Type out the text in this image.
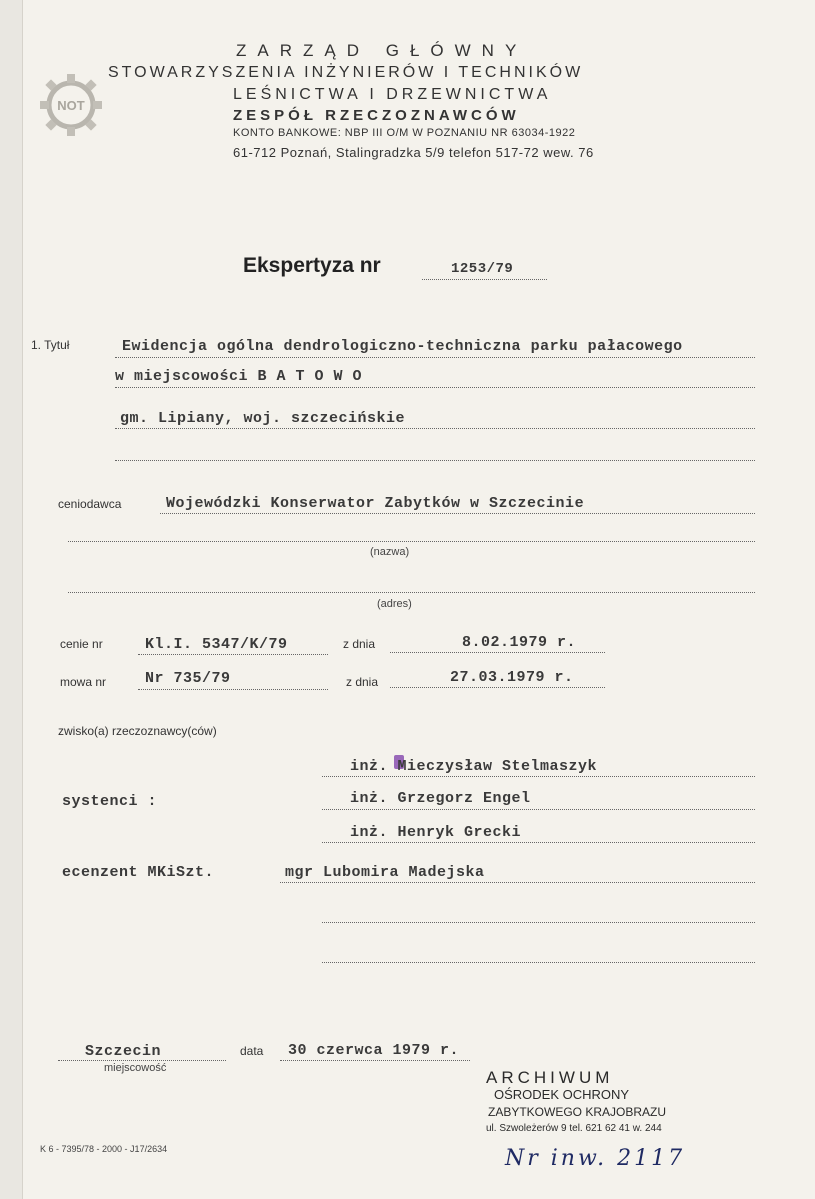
NOT
ZARZĄD GŁÓWNY
STOWARZYSZENIA INŻYNIERÓW I TECHNIKÓW
LEŚNICTWA I DRZEWNICTWA
ZESPÓŁ RZECZOZNAWCÓW
KONTO BANKOWE: NBP III O/M W POZNANIU NR 63034-1922
61-712 Poznań, Stalingradzka 5/9 telefon 517-72 wew. 76
Ekspertyza nr	1253/79
1. Tytuł	Ewidencja ogólna dendrologiczno-techniczna parku pałacowego
w miejscowości B A T O W O
gm. Lipiany, woj. szczecińskie
ceniodawca	Wojewódzki Konserwator Zabytków w Szczecinie
(nazwa)
(adres)
cenie nr	Kl.I. 5347/K/79	z dnia	8.02.1979 r.
mowa nr	Nr 735/79	z dnia	27.03.1979 r.
zwisko(a) rzeczoznawcy(ców)
inż. Mieczysław Stelmaszyk
systenci :	inż. Grzegorz Engel
inż. Henryk Grecki
ecenzent MKiSzt.	mgr Lubomira Madejska
Szczecin
miejscowość
data 30 czerwca 1979 r.
ARCHIWUM
OŚRODEK OCHRONY
ZABYTKOWEGO KRAJOBRAZU
ul. Szwoleżerów 9 tel. 621 62 41 w. 244
Nr inw. 2117
K 6 - 7395/78 - 2000 - J17/2634
